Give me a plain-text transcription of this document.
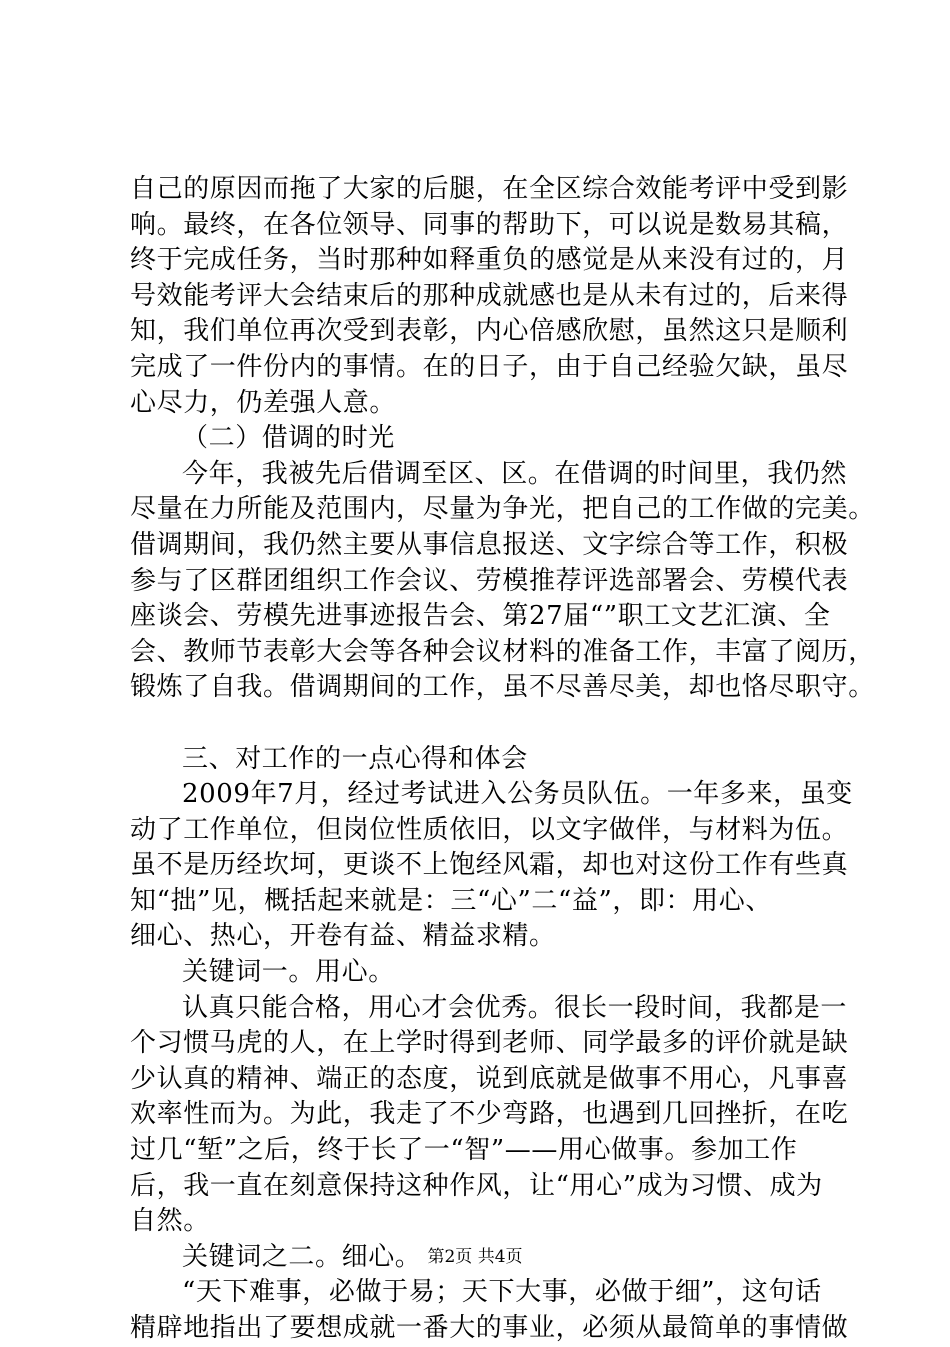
自己的原因而拖了大家的后腿，在全区综合效能考评中受到影
响。最终，在各位领导、同事的帮助下，可以说是数易其稿，
终于完成任务，当时那种如释重负的感觉是从来没有过的，月
号效能考评大会结束后的那种成就感也是从未有过的，后来得
知，我们单位再次受到表彰，内心倍感欣慰，虽然这只是顺利
完成了一件份内的事情。在的日子，由于自己经验欠缺，虽尽
心尽力，仍差强人意。
（二）借调的时光
今年，我被先后借调至区、区。在借调的时间里，我仍然
尽量在力所能及范围内，尽量为争光，把自己的工作做的完美。
借调期间，我仍然主要从事信息报送、文字综合等工作，积极
参与了区群团组织工作会议、劳模推荐评选部署会、劳模代表
座谈会、劳模先进事迹报告会、第27届“”职工文艺汇演、全
会、教师节表彰大会等各种会议材料的准备工作，丰富了阅历，
锻炼了自我。借调期间的工作，虽不尽善尽美，却也恪尽职守。
三、对工作的一点心得和体会
2009年7月，经过考试进入公务员队伍。一年多来，虽变
动了工作单位，但岗位性质依旧，以文字做伴，与材料为伍。
虽不是历经坎坷，更谈不上饱经风霜，却也对这份工作有些真
知“拙”见，概括起来就是：三“心”二“益”，即：用心、
细心、热心，开卷有益、精益求精。
关键词一。用心。
认真只能合格，用心才会优秀。很长一段时间，我都是一
个习惯马虎的人，在上学时得到老师、同学最多的评价就是缺
少认真的精神、端正的态度，说到底就是做事不用心，凡事喜
欢率性而为。为此，我走了不少弯路，也遇到几回挫折，在吃
过几“堑”之后，终于长了一“智”——用心做事。参加工作
后，我一直在刻意保持这种作风，让“用心”成为习惯、成为
自然。
关键词之二。细心。
“天下难事，必做于易；天下大事，必做于细”，这句话
精辟地指出了要想成就一番大的事业，必须从最简单的事情做
第2页 共4页
